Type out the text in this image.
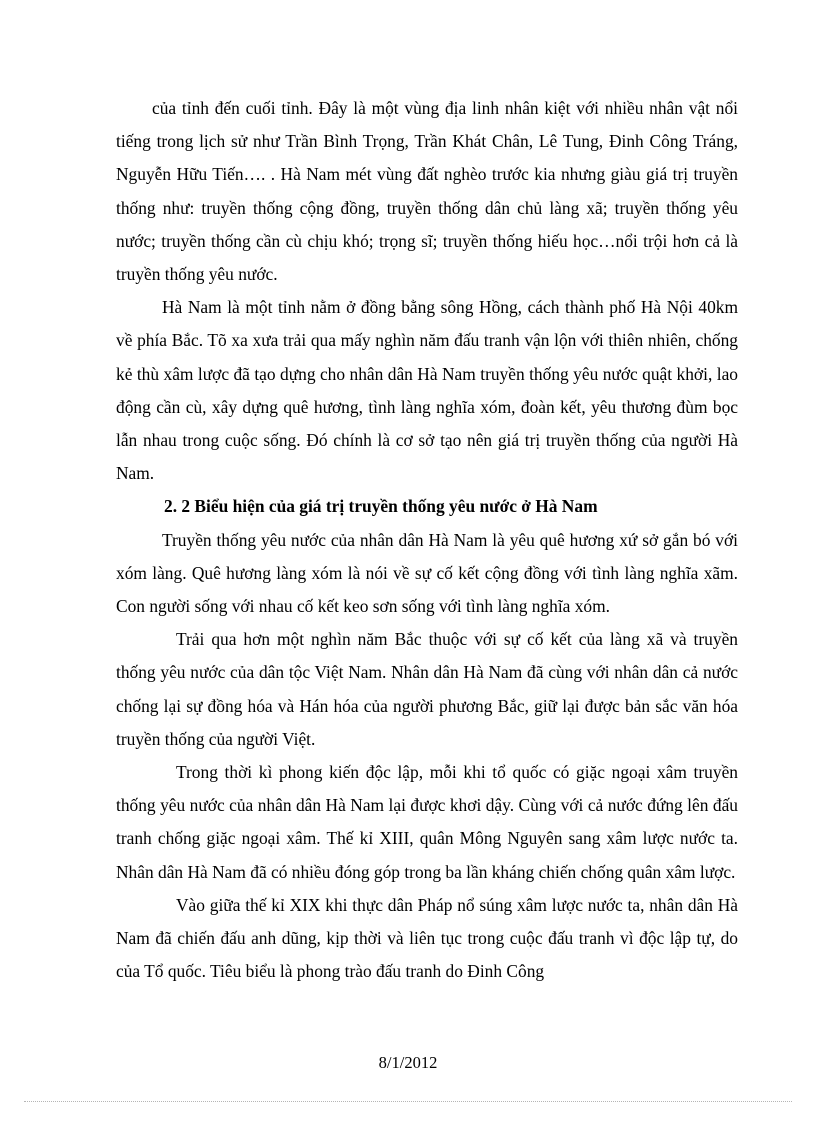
của tỉnh đến cuối tỉnh. Đây là một vùng địa linh nhân kiệt với nhiều nhân vật nổi tiếng trong lịch sử như Trần Bình Trọng, Trần Khát Chân, Lê Tung, Đinh Công Tráng, Nguyễn Hữu Tiến…. . Hà Nam mét vùng đất nghèo trước kia nhưng giàu giá trị truyền thống như: truyền thống cộng đồng, truyền thống dân chủ làng xã; truyền thống yêu nước; truyền thống cần cù chịu khó; trọng sĩ; truyền thống hiếu học…nổi trội hơn cả là truyền thống yêu nước.

Hà Nam là một tỉnh nằm ở đồng bằng sông Hồng, cách thành phố Hà Nội 40km về phía Bắc. Tõ xa xưa trải qua mấy nghìn năm đấu tranh vận lộn với thiên nhiên, chống kẻ thù xâm lược đã tạo dựng cho nhân dân Hà Nam truyền thống yêu nước quật khởi, lao động cần cù, xây dựng quê hương, tình làng nghĩa xóm, đoàn kết, yêu thương đùm bọc lẫn nhau trong cuộc sống. Đó chính là cơ sở tạo nên giá trị truyền thống của người Hà Nam.

2. 2 Biểu hiện của giá trị truyền thống yêu nước ở Hà Nam

Truyền thống yêu nước của nhân dân Hà Nam là yêu quê hương xứ sở gắn bó với xóm làng. Quê hương làng xóm là nói về sự cố kết cộng đồng với tình làng nghĩa xãm. Con người sống với nhau cố kết keo sơn sống với tình làng nghĩa xóm.

Trải qua hơn một nghìn năm Bắc thuộc với sự cố kết của làng xã và truyền thống yêu nước của dân tộc Việt Nam. Nhân dân Hà Nam đã cùng với nhân dân cả nước chống lại sự đồng hóa và Hán hóa của người phương Bắc, giữ lại được bản sắc văn hóa truyền thống của người Việt.

Trong thời kì phong kiến độc lập, mỗi khi tổ quốc có giặc ngoại xâm truyền thống yêu nước của nhân dân Hà Nam lại được khơi dậy. Cùng với cả nước đứng lên đấu tranh chống giặc ngoại xâm. Thế kỉ XIII, quân Mông Nguyên sang xâm lược nước ta. Nhân dân Hà Nam đã có nhiều đóng góp trong ba lần kháng chiến chống quân xâm lược.

Vào giữa thế kỉ XIX khi thực dân Pháp nổ súng xâm lược nước ta, nhân dân Hà Nam đã chiến đấu anh dũng, kịp thời và liên tục trong cuộc đấu tranh vì độc lập tự, do của Tổ quốc. Tiêu biểu là phong trào đấu tranh do Đinh Công

8/1/2012
